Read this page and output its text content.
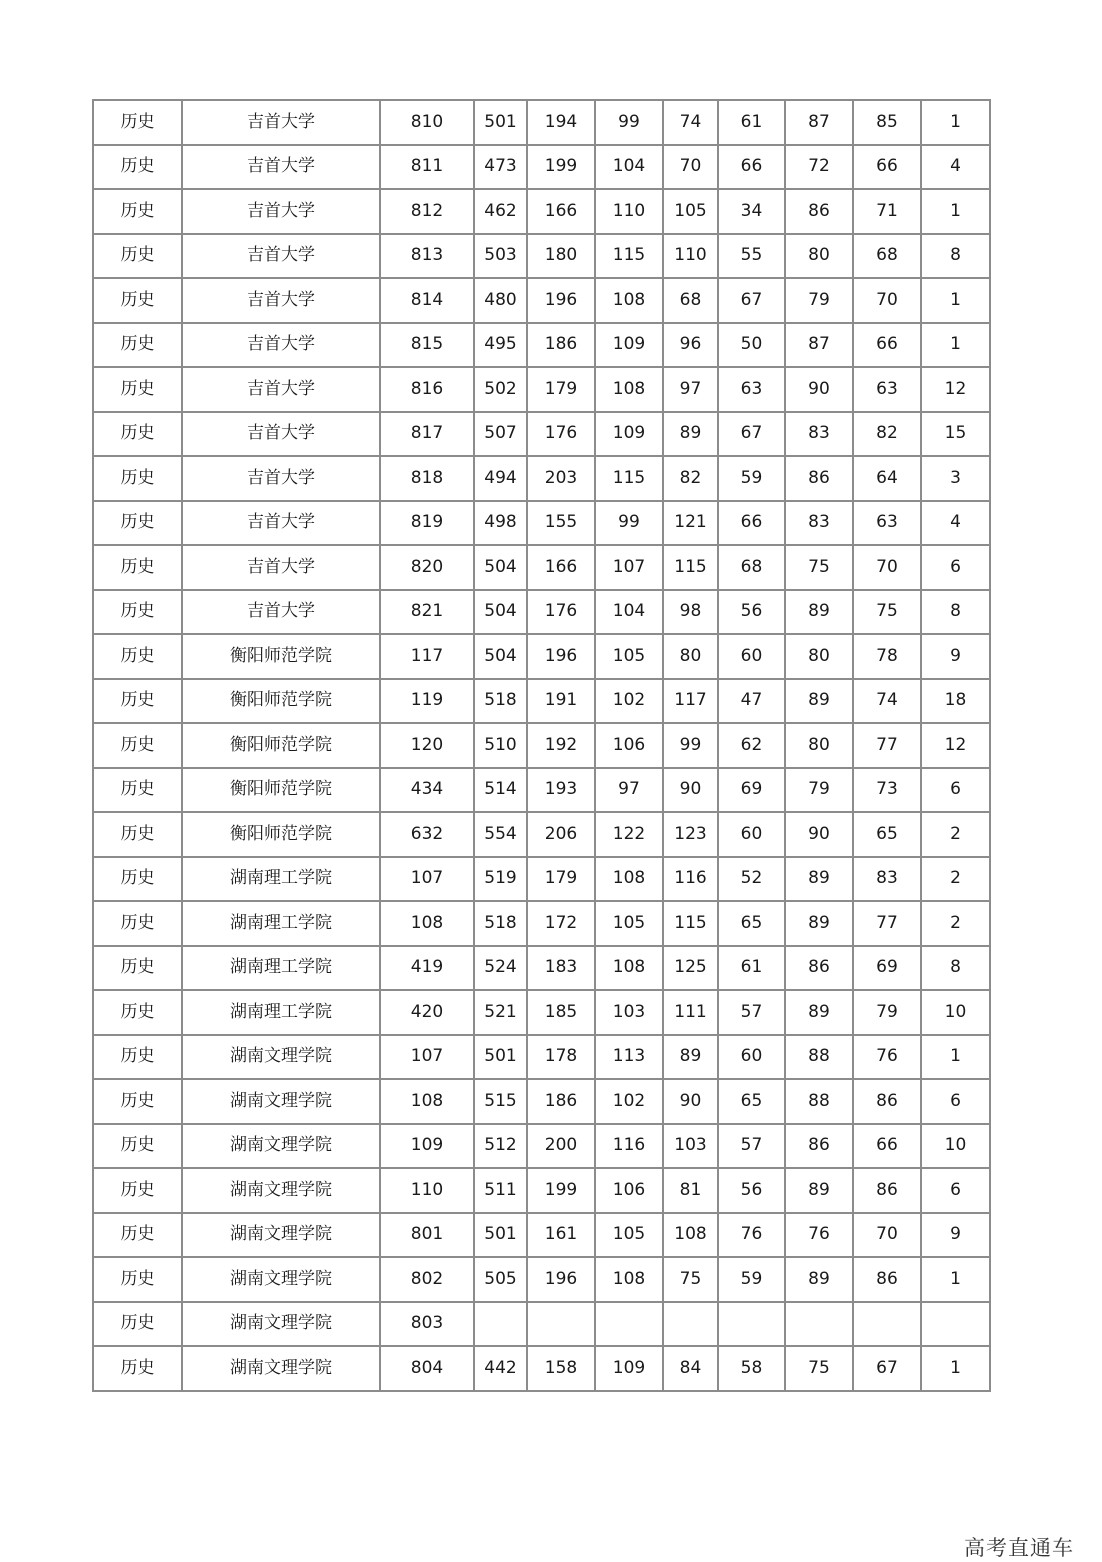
历史	吉首大学	810	501	194	99	74	61	87	85	1
历史	吉首大学	811	473	199	104	70	66	72	66	4
历史	吉首大学	812	462	166	110	105	34	86	71	1
历史	吉首大学	813	503	180	115	110	55	80	68	8
历史	吉首大学	814	480	196	108	68	67	79	70	1
历史	吉首大学	815	495	186	109	96	50	87	66	1
历史	吉首大学	816	502	179	108	97	63	90	63	12
历史	吉首大学	817	507	176	109	89	67	83	82	15
历史	吉首大学	818	494	203	115	82	59	86	64	3
历史	吉首大学	819	498	155	99	121	66	83	63	4
历史	吉首大学	820	504	166	107	115	68	75	70	6
历史	吉首大学	821	504	176	104	98	56	89	75	8
历史	衡阳师范学院	117	504	196	105	80	60	80	78	9
历史	衡阳师范学院	119	518	191	102	117	47	89	74	18
历史	衡阳师范学院	120	510	192	106	99	62	80	77	12
历史	衡阳师范学院	434	514	193	97	90	69	79	73	6
历史	衡阳师范学院	632	554	206	122	123	60	90	65	2
历史	湖南理工学院	107	519	179	108	116	52	89	83	2
历史	湖南理工学院	108	518	172	105	115	65	89	77	2
历史	湖南理工学院	419	524	183	108	125	61	86	69	8
历史	湖南理工学院	420	521	185	103	111	57	89	79	10
历史	湖南文理学院	107	501	178	113	89	60	88	76	1
历史	湖南文理学院	108	515	186	102	90	65	88	86	6
历史	湖南文理学院	109	512	200	116	103	57	86	66	10
历史	湖南文理学院	110	511	199	106	81	56	89	86	6
历史	湖南文理学院	801	501	161	105	108	76	76	70	9
历史	湖南文理学院	802	505	196	108	75	59	89	86	1
历史	湖南文理学院	803								
历史	湖南文理学院	804	442	158	109	84	58	75	67	1
高考直通车
